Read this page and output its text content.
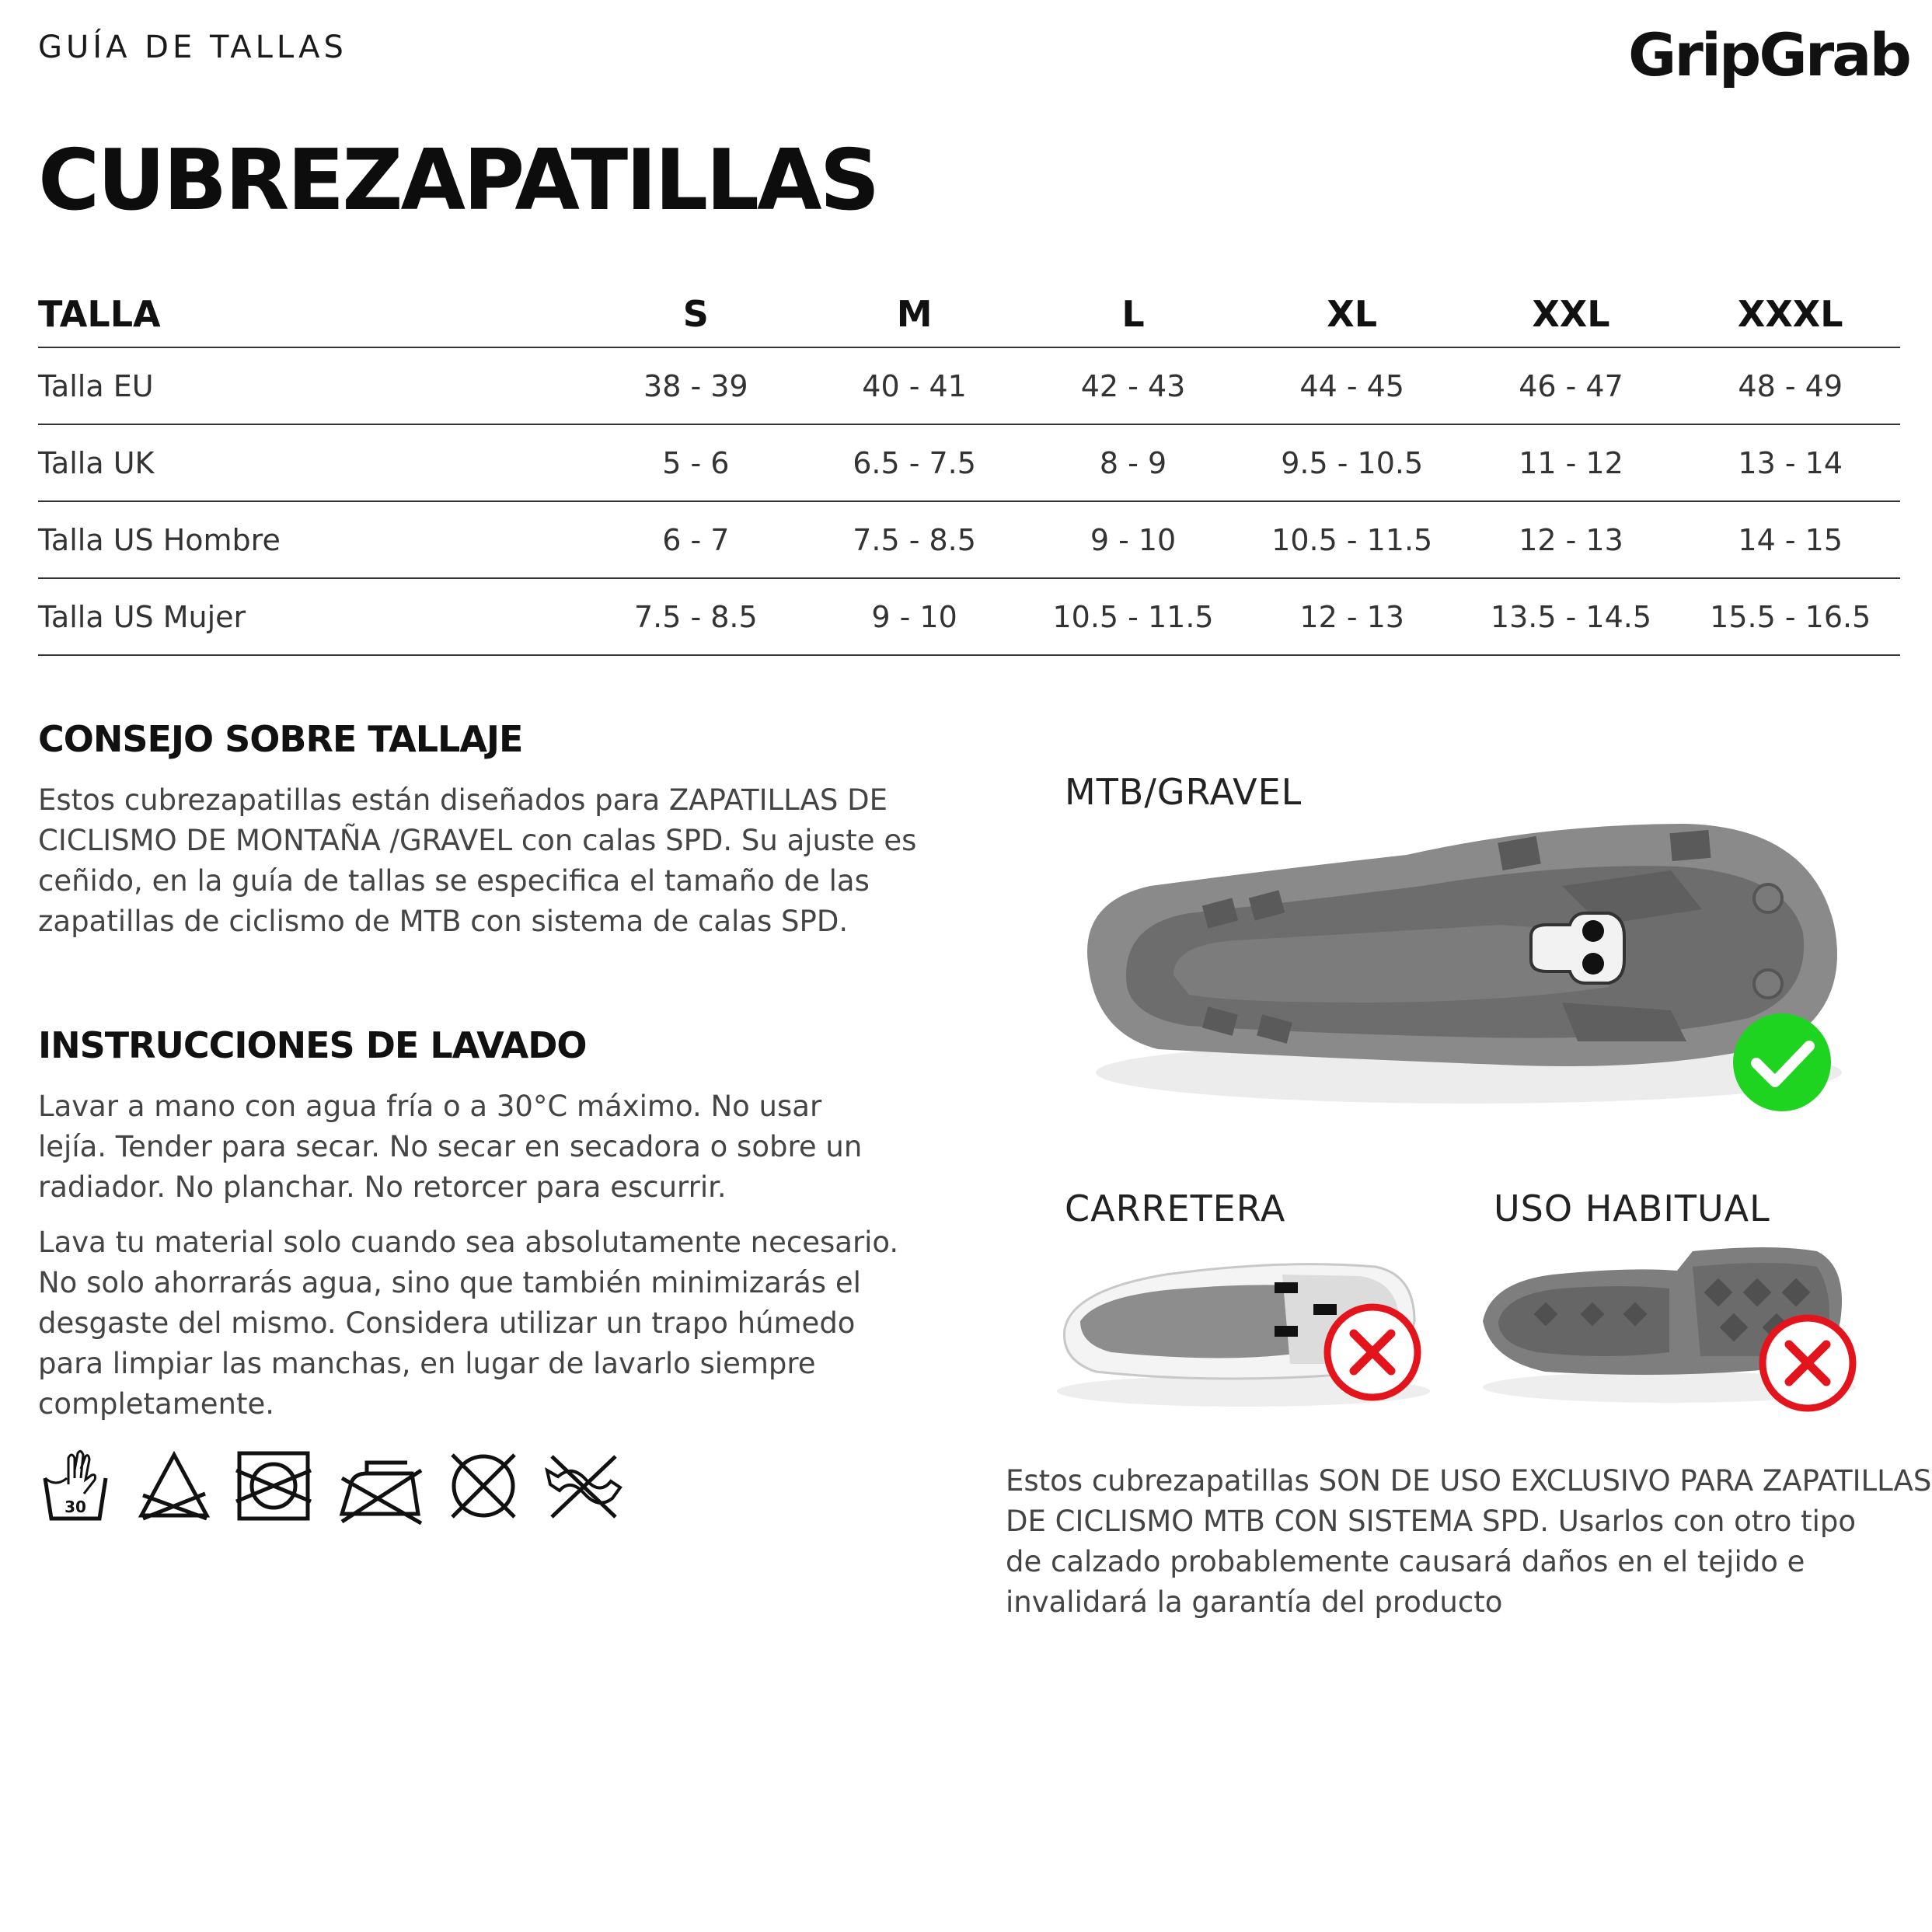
GUÍA DE TALLAS	GripGrab
CUBREZAPATILLAS
TALLA	S	M	L	XL	XXL	XXXL
Talla EU	38 - 39	40 - 41	42 - 43	44 - 45	46 - 47	48 - 49
Talla UK	5 - 6	6.5 - 7.5	8 - 9	9.5 - 10.5	11 - 12	13 - 14
Talla US Hombre	6 - 7	7.5 - 8.5	9 - 10	10.5 - 11.5	12 - 13	14 - 15
Talla US Mujer	7.5 - 8.5	9 - 10	10.5 - 11.5	12 - 13	13.5 - 14.5	15.5 - 16.5
CONSEJO SOBRE TALLAJE
Estos cubrezapatillas están diseñados para ZAPATILLAS DE
CICLISMO DE MONTAÑA /GRAVEL con calas SPD. Su ajuste es
ceñido, en la guía de tallas se especifica el tamaño de las
zapatillas de ciclismo de MTB con sistema de calas SPD.
INSTRUCCIONES DE LAVADO
Lavar a mano con agua fría o a 30°C máximo. No usar
lejía. Tender para secar. No secar en secadora o sobre un
radiador. No planchar. No retorcer para escurrir.
Lava tu material solo cuando sea absolutamente necesario.
No solo ahorrarás agua, sino que también minimizarás el
desgaste del mismo. Considera utilizar un trapo húmedo
para limpiar las manchas, en lugar de lavarlo siempre
completamente.
30
MTB/GRAVEL
CARRETERA	USO HABITUAL
Estos cubrezapatillas SON DE USO EXCLUSIVO PARA ZAPATILLAS
DE CICLISMO MTB CON SISTEMA SPD. Usarlos con otro tipo
de calzado probablemente causará daños en el tejido e
invalidará la garantía del producto
